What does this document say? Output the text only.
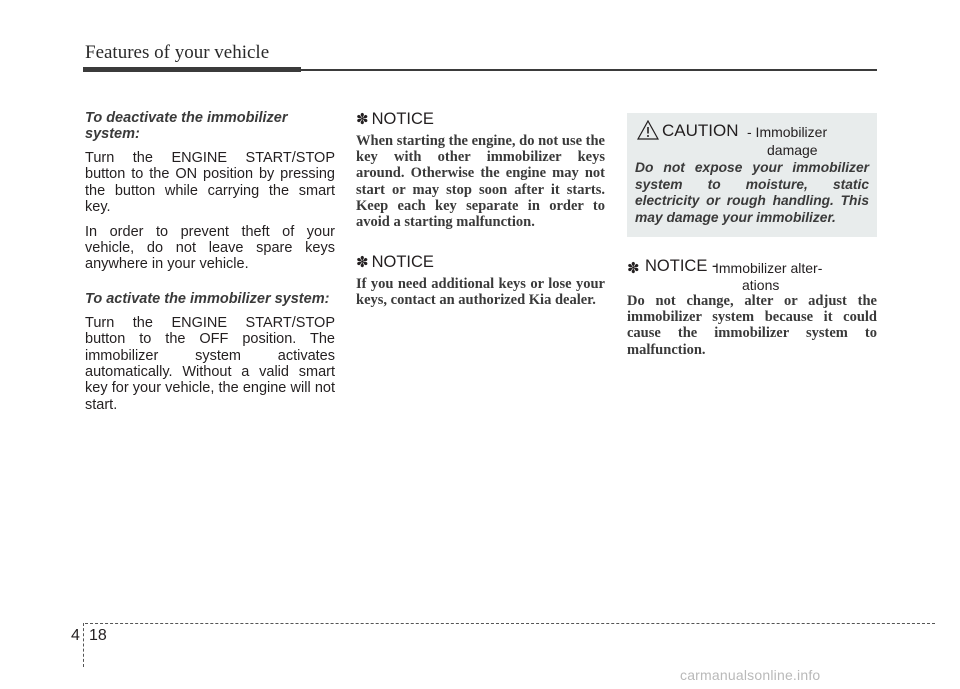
Features of your vehicle

To deactivate the immobilizer system:

Turn the ENGINE START/STOP button to the ON position by pressing the button while carrying the smart key.

In order to prevent theft of your vehicle, do not leave spare keys anywhere in your vehicle.

To activate the immobilizer system:

Turn the ENGINE START/STOP button to the OFF position. The immobilizer system activates automatically. Without a valid smart key for your vehicle, the engine will not start.

✽ NOTICE

When starting the engine, do not use the key with other immobilizer keys around. Otherwise the engine may not start or may stop soon after it starts. Keep each key separate in order to avoid a starting malfunction.

✽ NOTICE

If you need additional keys or lose your keys, contact an authorized Kia dealer.

CAUTION - Immobilizer
damage

Do not expose your immobilizer system to moisture, static electricity or rough handling. This may damage your immobilizer.

✽ NOTICE -
Immobilizer alter-
ations

Do not change, alter or adjust the immobilizer system because it could cause the immobilizer system to malfunction.

4 18
carmanualsonline.info
